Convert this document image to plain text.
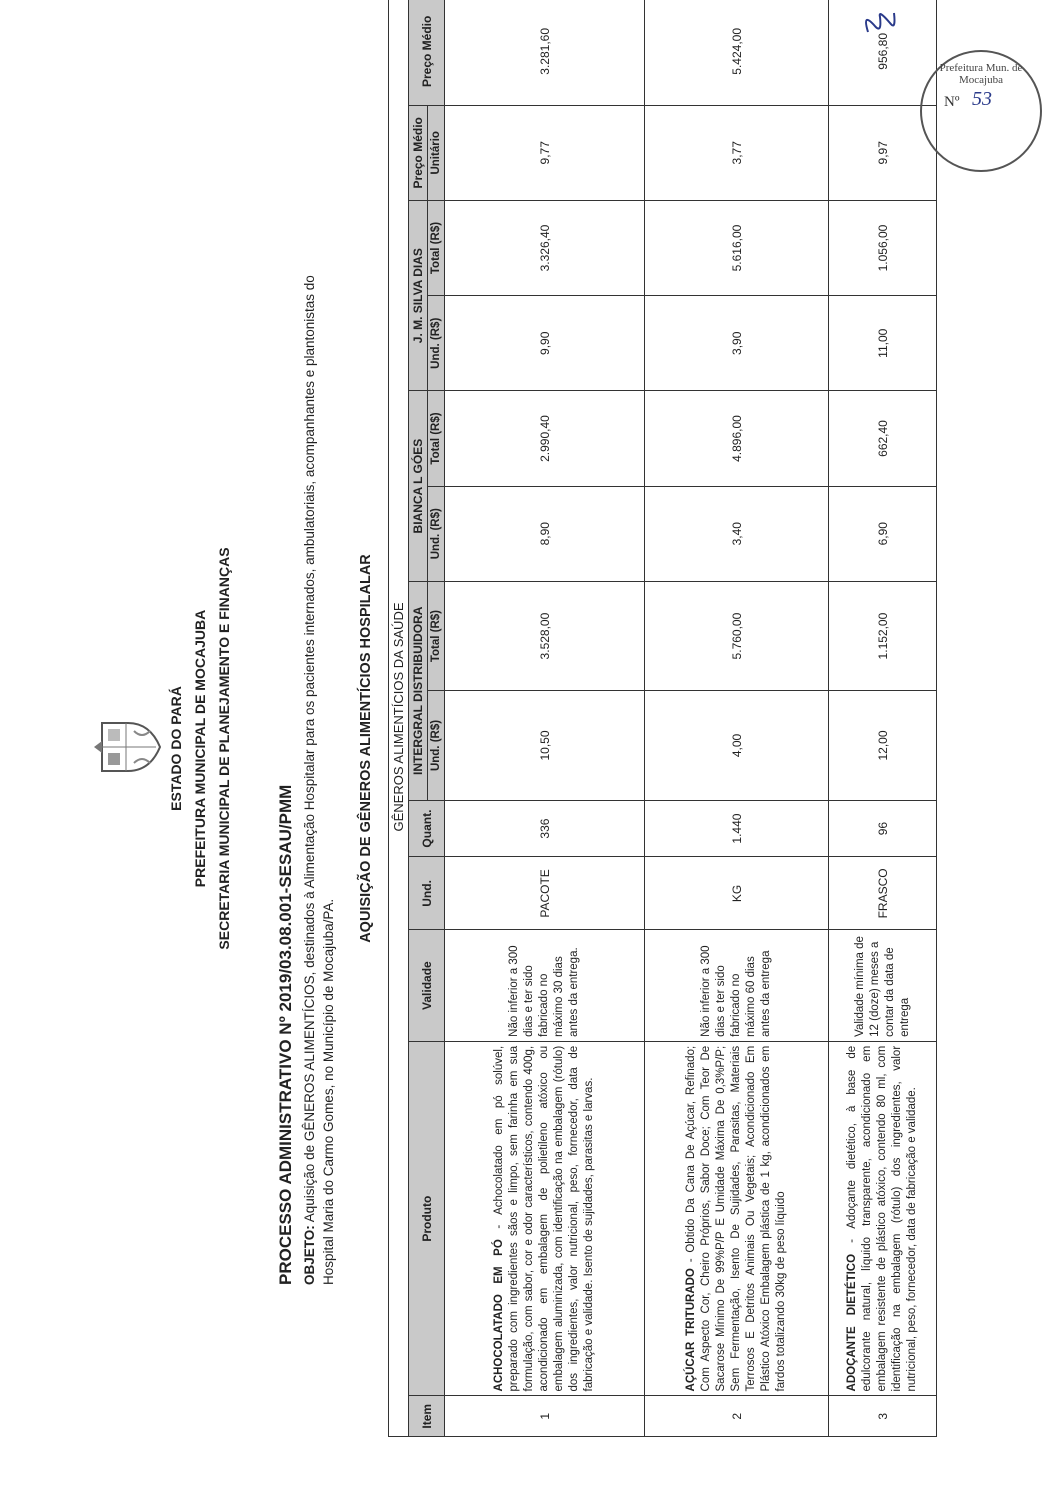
ESTADO DO PARÁ PREFEITURA MUNICIPAL DE MOCAJUBA SECRETARIA MUNICIPAL DE PLANEJAMENTO E FINANÇAS
PROCESSO ADMINISTRATIVO Nº 2019/03.08.001-SESAU/PMM OBJETO: Aquisição de GÊNEROS ALIMENTÍCIOS, destinados à Alimentação Hospitalar para os pacientes internados, ambulatoriais, acompanhantes e plantonistas do Hospital Maria do Carmo Gomes, no Município de Mocajuba/PA.
AQUISIÇÃO DE GÊNEROS ALIMENTÍCIOS HOSPILALAR GÊNEROS ALIMENTÍCIOS DA SAÚDE												
Item	Produto	Validade	Und.	Quant.	INTERGRAL DISTRIBUIDORA		BIANCA L GÓES		J. M. SILVA DIAS		Preço Médio	Preço Médio
					Und. (R$)	Total (R$)	Und. (R$)	Total (R$)	Und. (R$)	Total (R$)	Unitário	
1	ACHOCOLATADO EM PÓ - Achocolatado em pó solúvel, preparado com ingredientes sãos e limpo, sem farinha em sua formulação, com sabor, cor e odor característicos, contendo 400g, acondicionado em embalagem de polietileno atóxico ou embalagem aluminizada, com identificação na embalagem (rótulo) dos ingredientes, valor nutricional, peso, fornecedor, data de fabricação e validade. Isento de sujidades, parasitas e larvas.	Não inferior a 300 dias e ter sido fabricado no máximo 30 dias antes da entrega.	PACOTE	336	10,50	3.528,00	8,90	2.990,40	9,90	3.326,40	9,77	3.281,60
2	AÇÚCAR TRITURADO - Obtido Da Cana De Açúcar, Refinado; Com Aspecto Cor, Cheiro Próprios, Sabor Doce; Com Teor De Sacarose Mínimo De 99%P/P E Umidade Máxima De 0,3%P/P; Sem Fermentação, Isento De Sujidades, Parasitas, Materiais Terrosos E Detritos Animais Ou Vegetais; Acondicionado Em Plástico Atóxico Embalagem plástica de 1 kg, acondicionados em fardos totalizando 30kg de peso líquido	Não inferior a 300 dias e ter sido fabricado no máximo 60 dias antes da entrega	KG	1.440	4,00	5.760,00	3,40	4.896,00	3,90	5.616,00	3,77	5.424,00
3	ADOÇANTE DIETÉTICO - Adoçante dietético, à base de edulcorante natural, líquido transparente, acondicionado em embalagem resistente de plástico atóxico, contendo 80 ml, com identificação na embalagem (rótulo) dos ingredientes, valor nutricional, peso, fornecedor, data de fabricação e validade.	Validade mínima de 12 (doze) meses a contar da data de entrega	FRASCO	96	12,00	1.152,00	6,90	662,40	11,00	1.056,00	9,97	956,80	Prefeitura Mun. de Mocajuba
Nº 53
